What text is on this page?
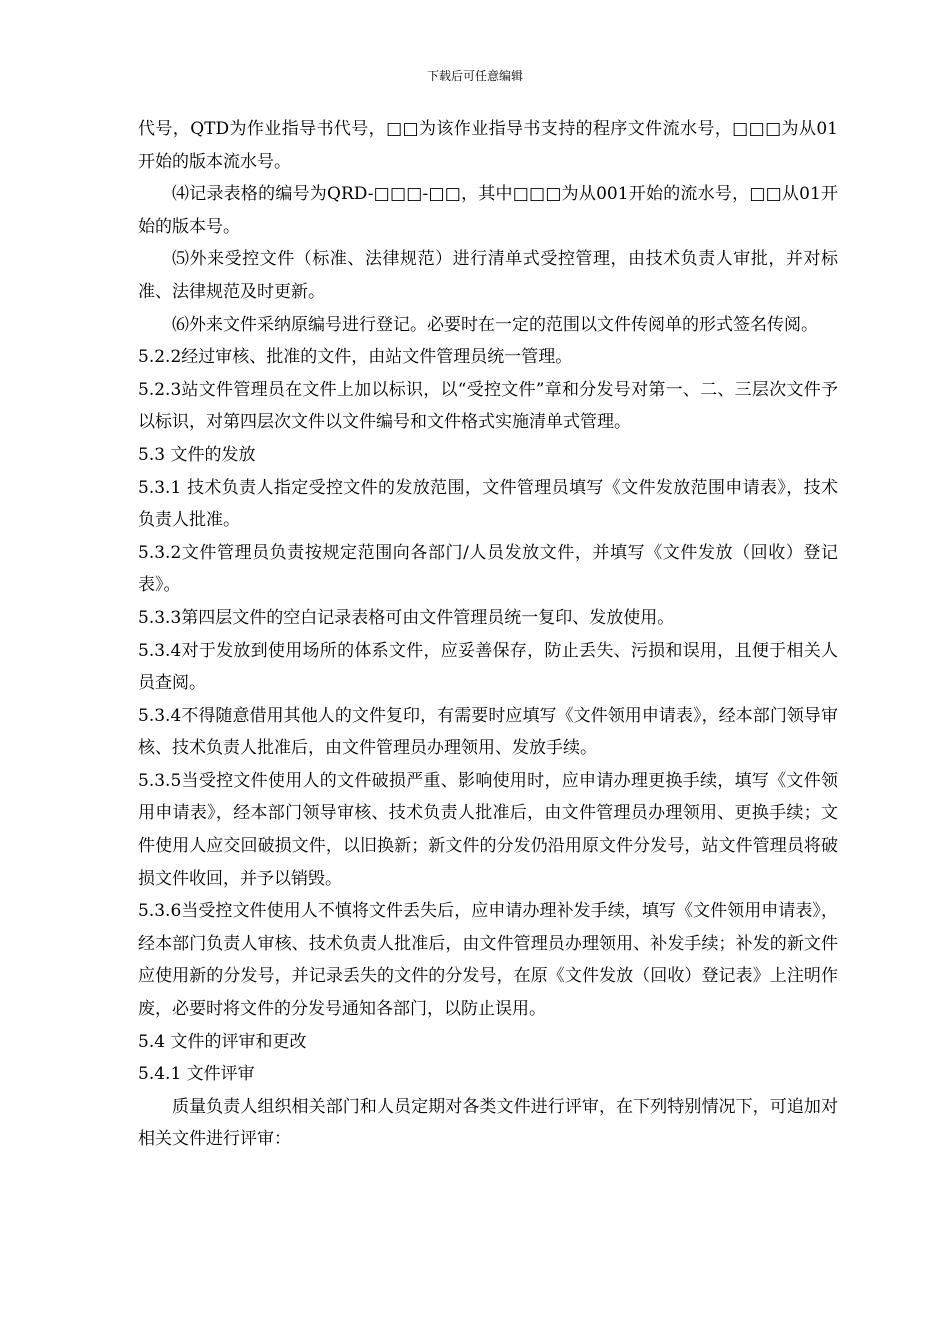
下载后可任意编辑

代号，QTD为作业指导书代号，□□为该作业指导书支持的程序文件流水号，□□□为从01开始的版本流水号。

⑷记录表格的编号为QRD-□□□-□□，其中□□□为从001开始的流水号，□□从01开始的版本号。

⑸外来受控文件（标准、法律规范）进行清单式受控管理，由技术负责人审批，并对标准、法律规范及时更新。

⑹外来文件采纳原编号进行登记。必要时在一定的范围以文件传阅单的形式签名传阅。

5.2.2经过审核、批准的文件，由站文件管理员统一管理。

5.2.3站文件管理员在文件上加以标识，以“受控文件”章和分发号对第一、二、三层次文件予以标识，对第四层次文件以文件编号和文件格式实施清单式管理。

5.3 文件的发放

5.3.1 技术负责人指定受控文件的发放范围，文件管理员填写《文件发放范围申请表》，技术负责人批准。

5.3.2文件管理员负责按规定范围向各部门/人员发放文件，并填写《文件发放（回收）登记表》。

5.3.3第四层文件的空白记录表格可由文件管理员统一复印、发放使用。

5.3.4对于发放到使用场所的体系文件，应妥善保存，防止丢失、污损和误用，且便于相关人员查阅。

5.3.4不得随意借用其他人的文件复印，有需要时应填写《文件领用申请表》，经本部门领导审核、技术负责人批准后，由文件管理员办理领用、发放手续。

5.3.5当受控文件使用人的文件破损严重、影响使用时，应申请办理更换手续，填写《文件领用申请表》，经本部门领导审核、技术负责人批准后，由文件管理员办理领用、更换手续；文件使用人应交回破损文件，以旧换新；新文件的分发仍沿用原文件分发号，站文件管理员将破损文件收回，并予以销毁。

5.3.6当受控文件使用人不慎将文件丢失后，应申请办理补发手续，填写《文件领用申请表》，经本部门负责人审核、技术负责人批准后，由文件管理员办理领用、补发手续；补发的新文件应使用新的分发号，并记录丢失的文件的分发号，在原《文件发放（回收）登记表》上注明作废，必要时将文件的分发号通知各部门，以防止误用。

5.4 文件的评审和更改

5.4.1 文件评审

质量负责人组织相关部门和人员定期对各类文件进行评审，在下列特别情况下，可追加对相关文件进行评审：
